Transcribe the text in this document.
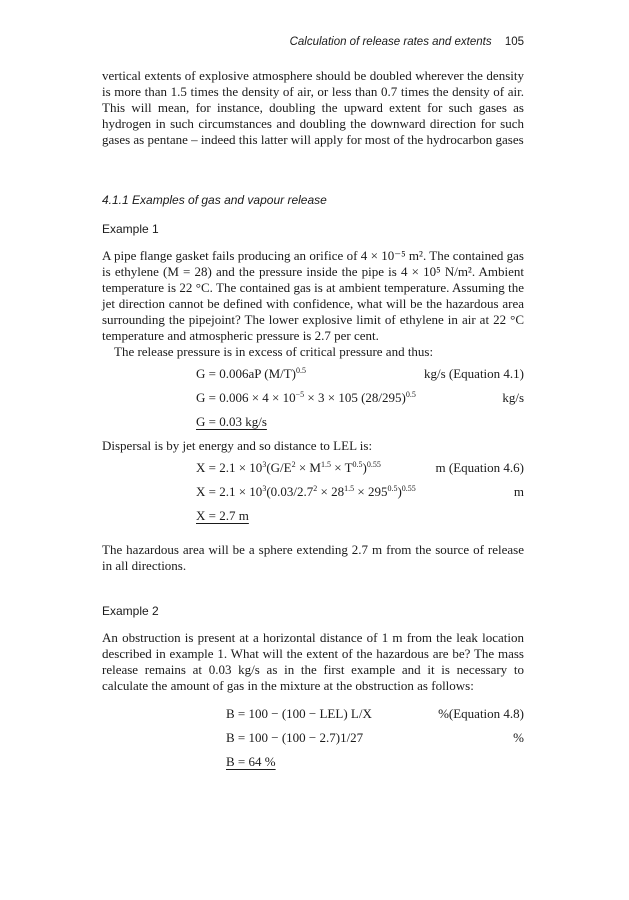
Calculation of release rates and extents 105

vertical extents of explosive atmosphere should be doubled wherever the density is more than 1.5 times the density of air, or less than 0.7 times the density of air. This will mean, for instance, doubling the upward extent for such gases as hydrogen in such circumstances and doubling the downward direction for such gases as pentane – indeed this latter will apply for most of the hydrocarbon gases

4.1.1 Examples of gas and vapour release

Example 1

A pipe flange gasket fails producing an orifice of 4 × 10⁻⁵ m². The contained gas is ethylene (M = 28) and the pressure inside the pipe is 4 × 10⁵ N/m². Ambient temperature is 22 °C. The contained gas is at ambient temperature. Assuming the jet direction cannot be defined with confidence, what will be the hazardous area surrounding the pipejoint? The lower explosive limit of ethylene in air at 22 °C temperature and atmospheric pressure is 2.7 per cent.

The release pressure is in excess of critical pressure and thus:

G = 0.006aP $(M/T)^{0.5}$	kg/s (Equation 4.1)
$G = 0.006 \times 4 \times 10^{-5} \times 3 \times 105$ $(28/295)^{0.5}$	kg/s
G = 0.03 kg/s

Dispersal is by jet energy and so distance to LEL is:

$X = 2.1 \times 10^3(G/E^2 \times M^{1.5} \times T^{0.5})^{0.55}$	m (Equation 4.6)
$X = 2.1 \times 10^3(0.03/2.7^2 \times 28^{1.5} \times 295^{0.5})^{0.55}$	m
X = 2.7 m

The hazardous area will be a sphere extending 2.7 m from the source of release in all directions.

Example 2

An obstruction is present at a horizontal distance of 1 m from the leak location described in example 1. What will the extent of the hazardous are be? The mass release remains at 0.03 kg/s as in the first example and it is necessary to calculate the amount of gas in the mixture at the obstruction as follows:

B = 100 − (100 − LEL) L/X	%(Equation 4.8)
B = 100 − (100 − 2.7)1/27	%
B = 64 %
